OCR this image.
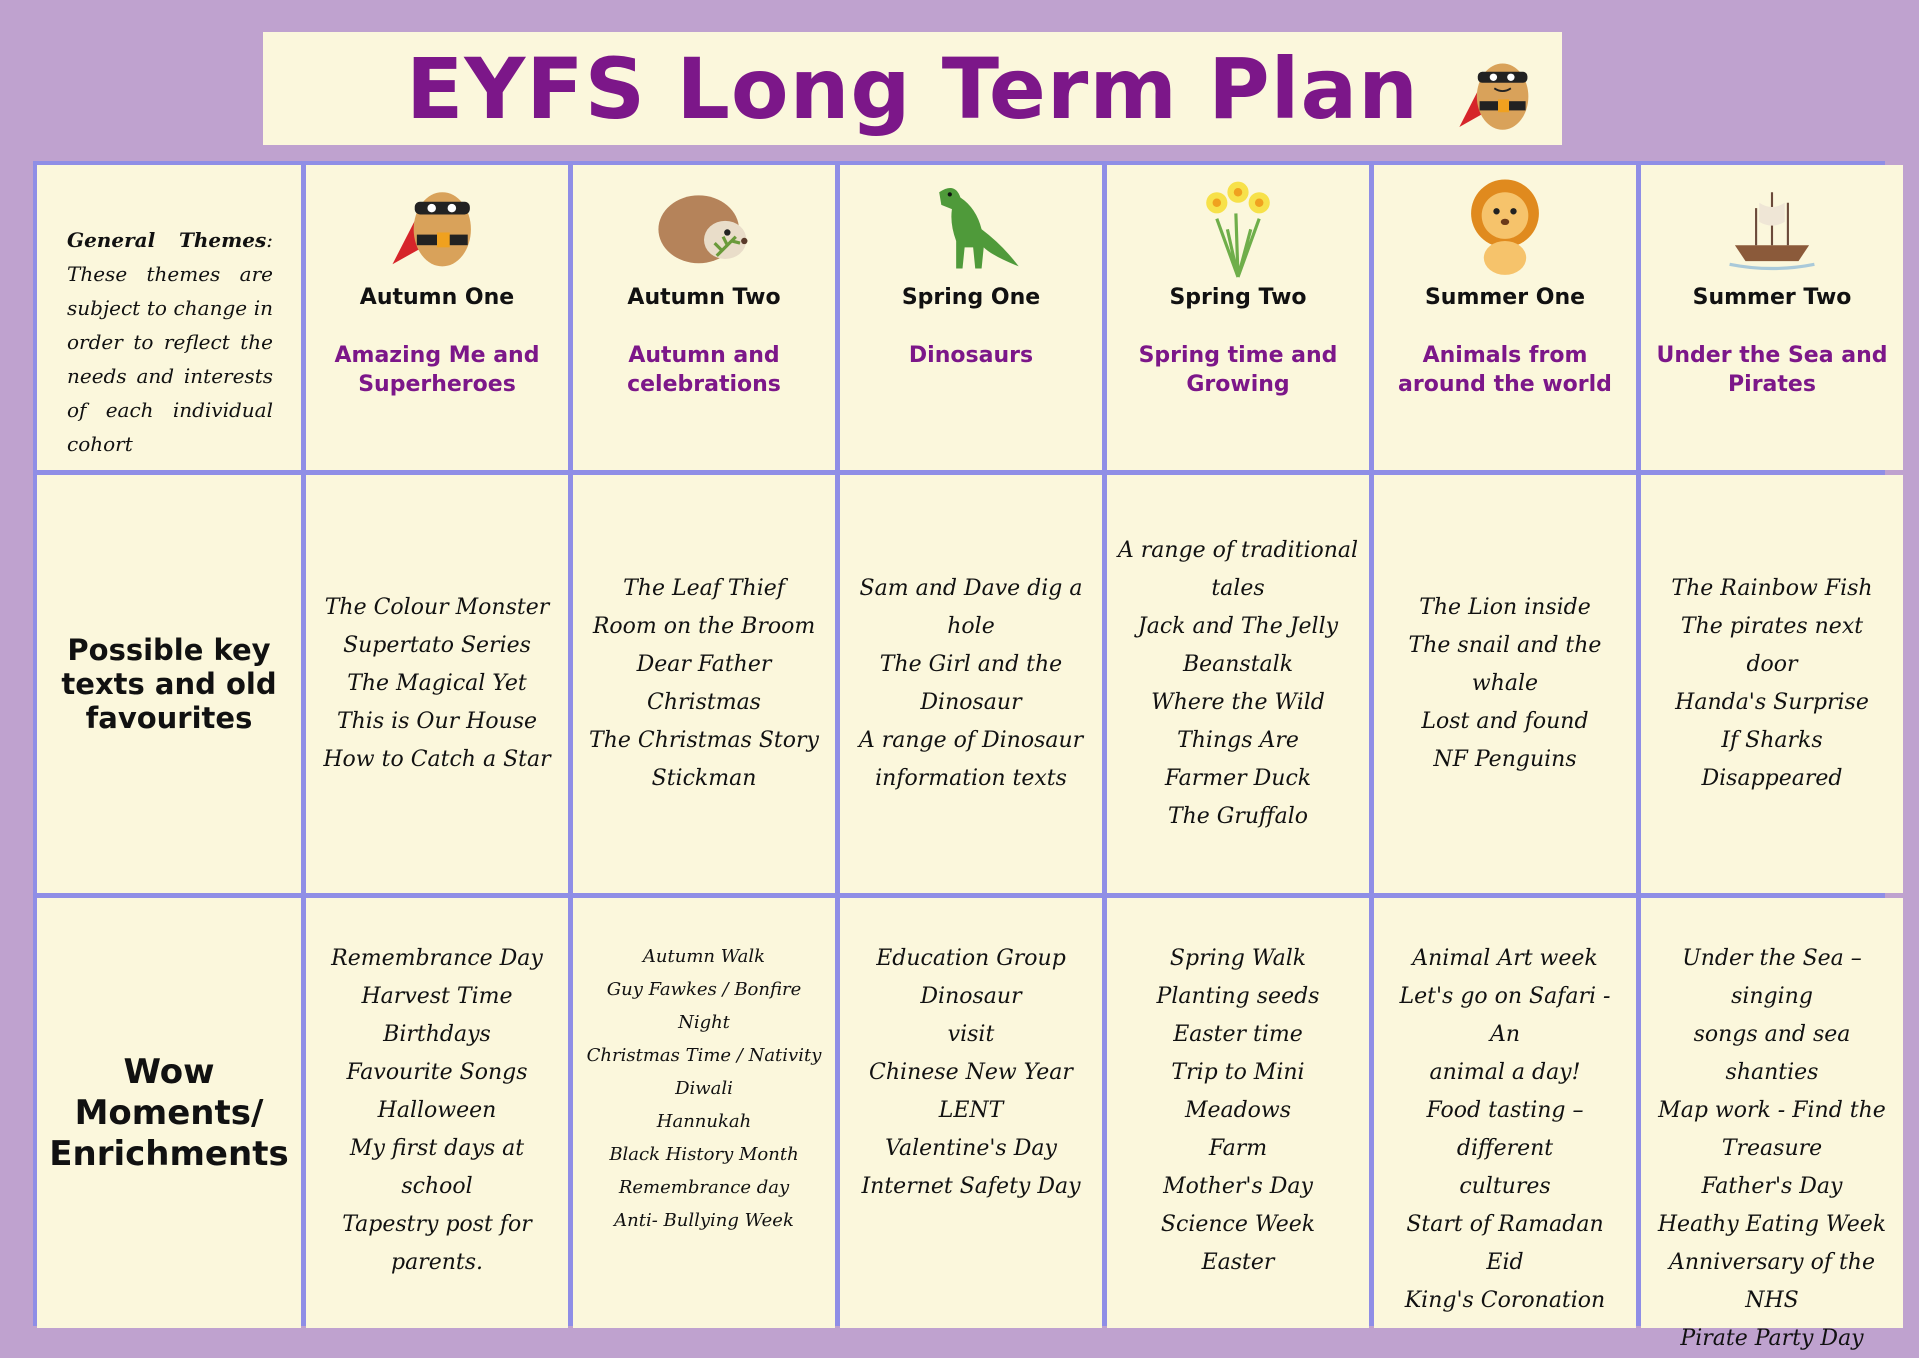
EYFS Long Term Plan
General Themes: These themes are subject to change in order to reflect the needs and interests of each individual cohort
Autumn One
Amazing Me and Superheroes
Autumn Two
Autumn and celebrations
Spring One
Dinosaurs
Spring Two
Spring time and Growing
Summer One
Animals from around the world
Summer Two
Under the Sea and Pirates
Possible key texts and old favourites
The Colour Monster
Supertato Series
The Magical Yet
This is Our House
How to Catch a Star
The Leaf Thief
Room on the Broom
Dear Father
Christmas
The Christmas Story
Stickman
Sam and Dave dig a
hole
The Girl and the
Dinosaur
A range of Dinosaur
information texts
A range of traditional
tales
Jack and The Jelly
Beanstalk
Where the Wild
Things Are
Farmer Duck
The Gruffalo
The Lion inside
The snail and the
whale
Lost and found
NF Penguins
The Rainbow Fish
The pirates next
door
Handa's Surprise
If Sharks
Disappeared
Wow Moments/ Enrichments
Remembrance Day
Harvest Time
Birthdays
Favourite Songs
Halloween
My first days at school
Tapestry post for parents.
Autumn Walk
Guy Fawkes / Bonfire
Night
Christmas Time / Nativity
Diwali
Hannukah
Black History Month
Remembrance day
Anti- Bullying Week
Education Group Dinosaur
visit
Chinese New Year
LENT
Valentine's Day
Internet Safety Day
Spring Walk
Planting seeds
Easter time
Trip to Mini Meadows
Farm
Mother's Day
Science Week
Easter
Animal Art week
Let's go on Safari - An
animal a day!
Food tasting – different
cultures
Start of Ramadan
Eid
King's Coronation
Under the Sea – singing
songs and sea shanties
Map work - Find the
Treasure
Father's Day
Heathy Eating Week
Anniversary of the NHS
Pirate Party Day
